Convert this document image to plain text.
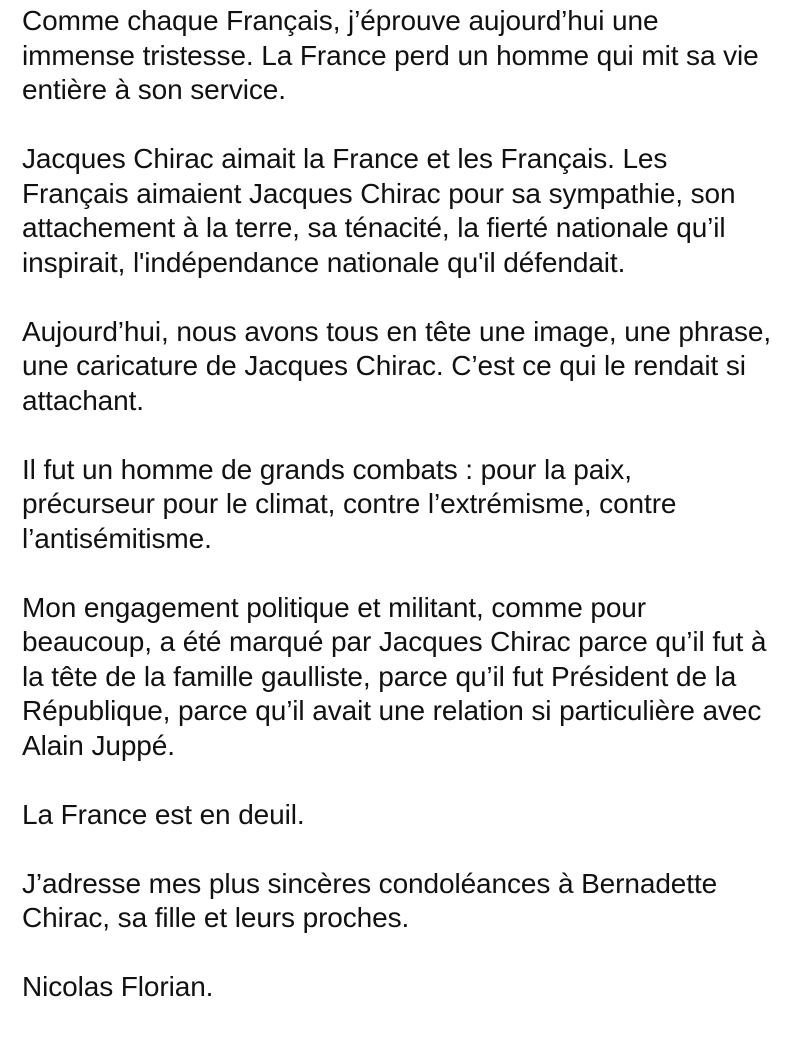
Comme chaque Français, j’éprouve aujourd’hui une
immense tristesse. La France perd un homme qui mit sa vie
entière à son service.
Jacques Chirac aimait la France et les Français. Les
Français aimaient Jacques Chirac pour sa sympathie, son
attachement à la terre, sa ténacité, la fierté nationale qu’il
inspirait, l'indépendance nationale qu'il défendait.
Aujourd’hui, nous avons tous en tête une image, une phrase,
une caricature de Jacques Chirac. C’est ce qui le rendait si
attachant.
Il fut un homme de grands combats : pour la paix,
précurseur pour le climat, contre l’extrémisme, contre
l’antisémitisme.
Mon engagement politique et militant, comme pour
beaucoup, a été marqué par Jacques Chirac parce qu’il fut à
la tête de la famille gaulliste, parce qu’il fut Président de la
République, parce qu’il avait une relation si particulière avec
Alain Juppé.
La France est en deuil.
J’adresse mes plus sincères condoléances à Bernadette
Chirac, sa fille et leurs proches.
Nicolas Florian.
